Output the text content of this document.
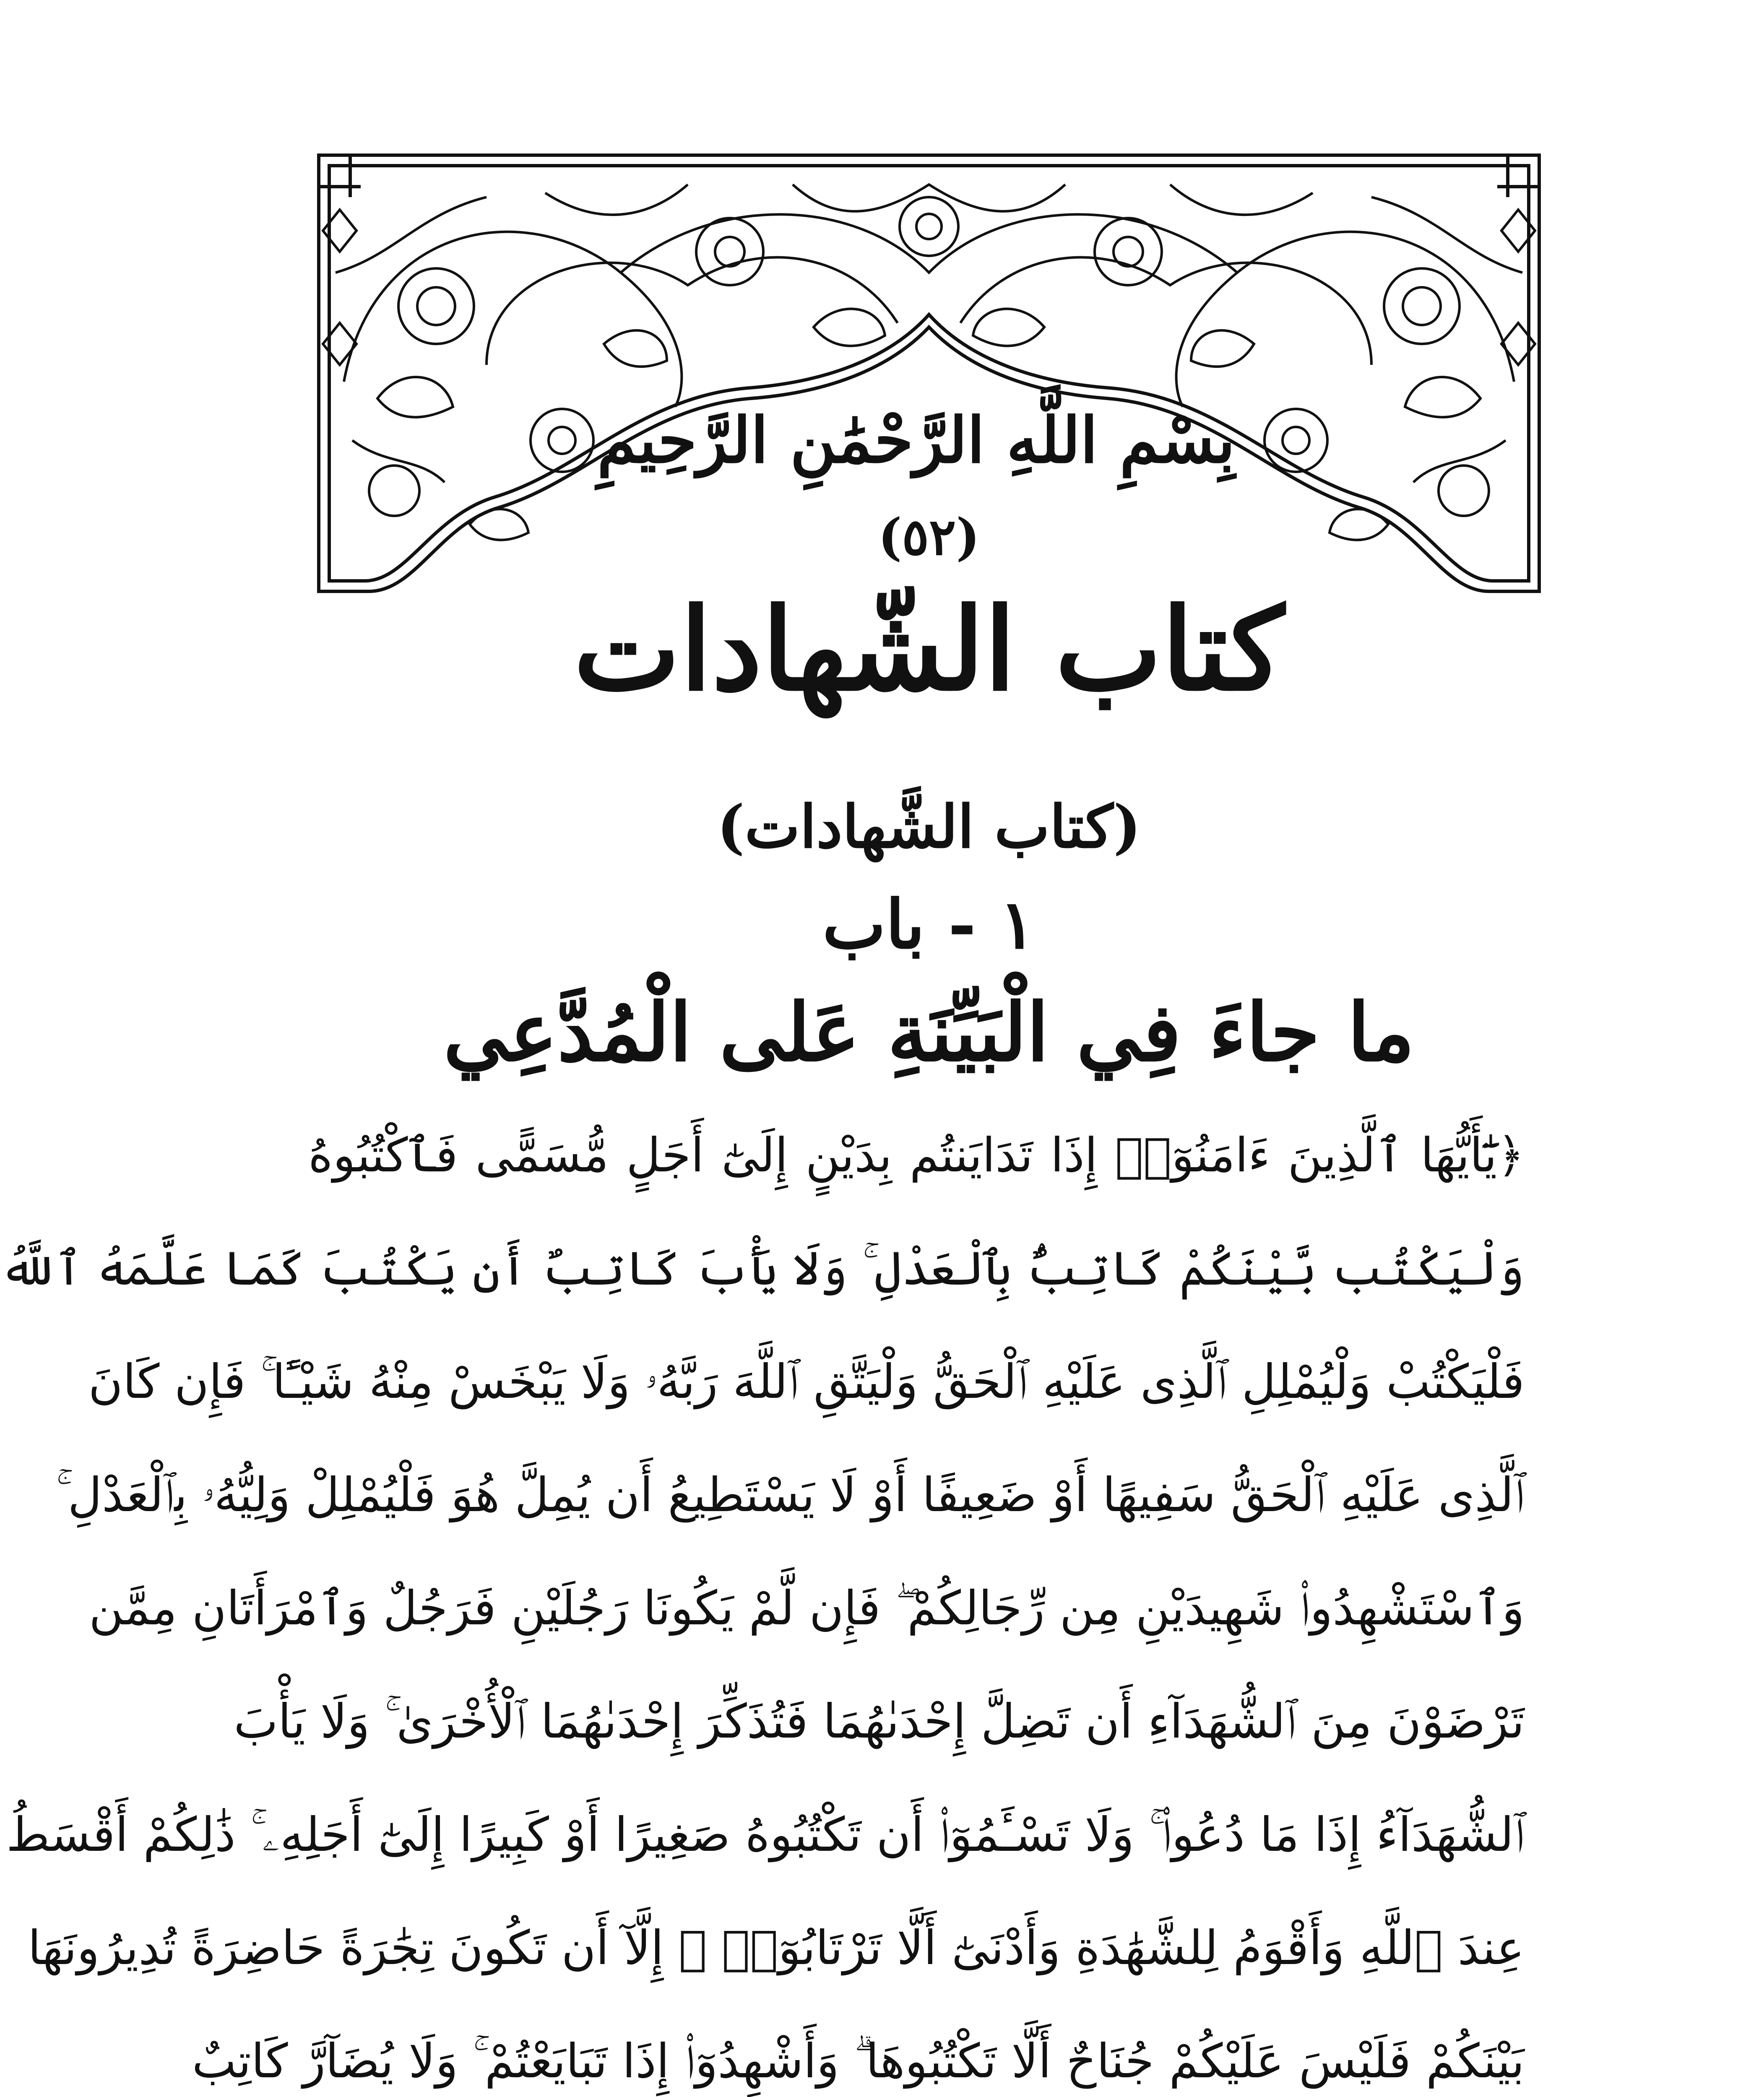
بِسْمِ اللَّهِ الرَّحْمَٰنِ الرَّحِيمِ
(٥٢)
كتاب الشّهادات
(كتاب الشَّهادات)
١ - باب
ما جاءَ فِي الْبَيِّنَةِ عَلى الْمُدَّعِي
﴿يَٰٓأَيُّهَا ٱلَّذِينَ ءَامَنُوٓا۟ إِذَا تَدَايَنتُم بِدَيْنٍ إِلَىٰٓ أَجَلٍ مُّسَمًّى فَٱكْتُبُوهُ
وَلْيَكْتُب بَّيْنَكُمْ كَاتِبٌۢ بِٱلْعَدْلِ ۚ وَلَا يَأْبَ كَاتِبٌ أَن يَكْتُبَ كَمَا عَلَّمَهُ ٱللَّهُ
فَلْيَكْتُبْ وَلْيُمْلِلِ ٱلَّذِى عَلَيْهِ ٱلْحَقُّ وَلْيَتَّقِ ٱللَّهَ رَبَّهُۥ وَلَا يَبْخَسْ مِنْهُ شَيْـًٔا ۚ فَإِن كَانَ
ٱلَّذِى عَلَيْهِ ٱلْحَقُّ سَفِيهًا أَوْ ضَعِيفًا أَوْ لَا يَسْتَطِيعُ أَن يُمِلَّ هُوَ فَلْيُمْلِلْ وَلِيُّهُۥ بِٱلْعَدْلِ ۚ
وَٱسْتَشْهِدُوا۟ شَهِيدَيْنِ مِن رِّجَالِكُمْ ۖ فَإِن لَّمْ يَكُونَا رَجُلَيْنِ فَرَجُلٌ وَٱمْرَأَتَانِ مِمَّن
تَرْضَوْنَ مِنَ ٱلشُّهَدَآءِ أَن تَضِلَّ إِحْدَىٰهُمَا فَتُذَكِّرَ إِحْدَىٰهُمَا ٱلْأُخْرَىٰ ۚ وَلَا يَأْبَ
ٱلشُّهَدَآءُ إِذَا مَا دُعُوا۟ ۚ وَلَا تَسْـَٔمُوٓا۟ أَن تَكْتُبُوهُ صَغِيرًا أَوْ كَبِيرًا إِلَىٰٓ أَجَلِهِۦ ۚ ذَٰلِكُمْ أَقْسَطُ
عِندَ ٱللَّهِ وَأَقْوَمُ لِلشَّهَٰدَةِ وَأَدْنَىٰٓ أَلَّا تَرْتَابُوٓا۟ ۖ إِلَّآ أَن تَكُونَ تِجَٰرَةً حَاضِرَةً تُدِيرُونَهَا
بَيْنَكُمْ فَلَيْسَ عَلَيْكُمْ جُنَاحٌ أَلَّا تَكْتُبُوهَا ۗ وَأَشْهِدُوٓا۟ إِذَا تَبَايَعْتُمْ ۚ وَلَا يُضَآرَّ كَاتِبٌ
